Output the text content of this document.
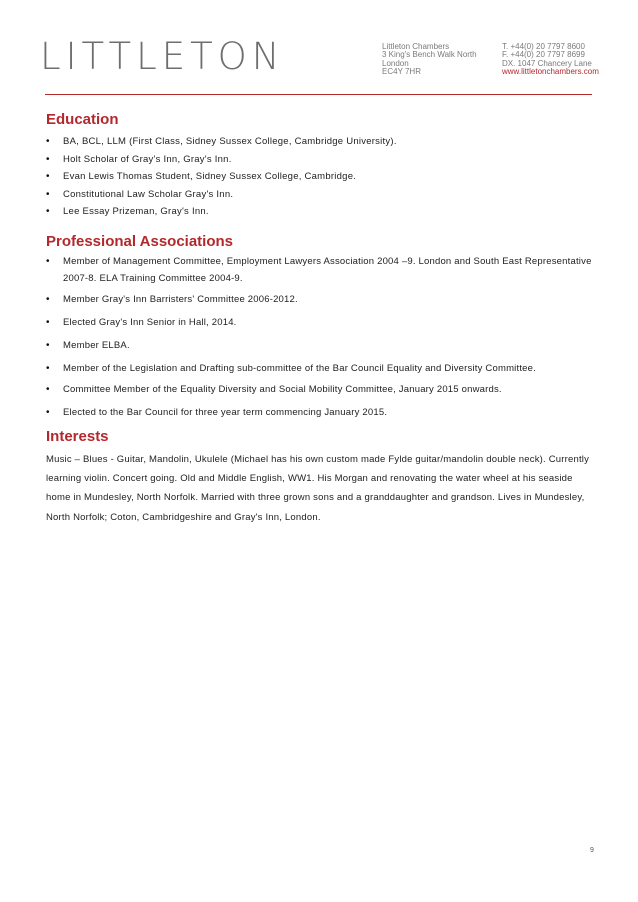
LITTLETON	Littleton Chambers
3 King's Bench Walk North
London
EC4Y 7HR
T. +44(0) 20 7797 8600
F. +44(0) 20 7797 8699
DX. 1047 Chancery Lane
www.littletonchambers.com
Education
• BA, BCL, LLM (First Class, Sidney Sussex College, Cambridge University).
• Holt Scholar of Gray's Inn, Gray's Inn.
• Evan Lewis Thomas Student, Sidney Sussex College, Cambridge.
• Constitutional Law Scholar Gray's Inn.
• Lee Essay Prizeman, Gray's Inn.
Professional Associations
• Member of Management Committee, Employment Lawyers Association 2004 –9. London and South East Representative 2007-8. ELA Training Committee 2004-9.
• Member Gray's Inn Barristers' Committee 2006-2012.
• Elected Gray's Inn Senior in Hall, 2014.
• Member ELBA.
• Member of the Legislation and Drafting sub-committee of the Bar Council Equality and Diversity Committee.
• Committee Member of the Equality Diversity and Social Mobility Committee, January 2015 onwards.
• Elected to the Bar Council for three year term commencing January 2015.
Interests

Music – Blues - Guitar, Mandolin, Ukulele (Michael has his own custom made Fylde guitar/mandolin double neck). Currently learning violin. Concert going. Old and Middle English, WW1. His Morgan and renovating the water wheel at his seaside home in Mundesley, North Norfolk. Married with three grown sons and a granddaughter and grandson. Lives in Mundesley, North Norfolk; Coton, Cambridgeshire and Gray's Inn, London.

9
